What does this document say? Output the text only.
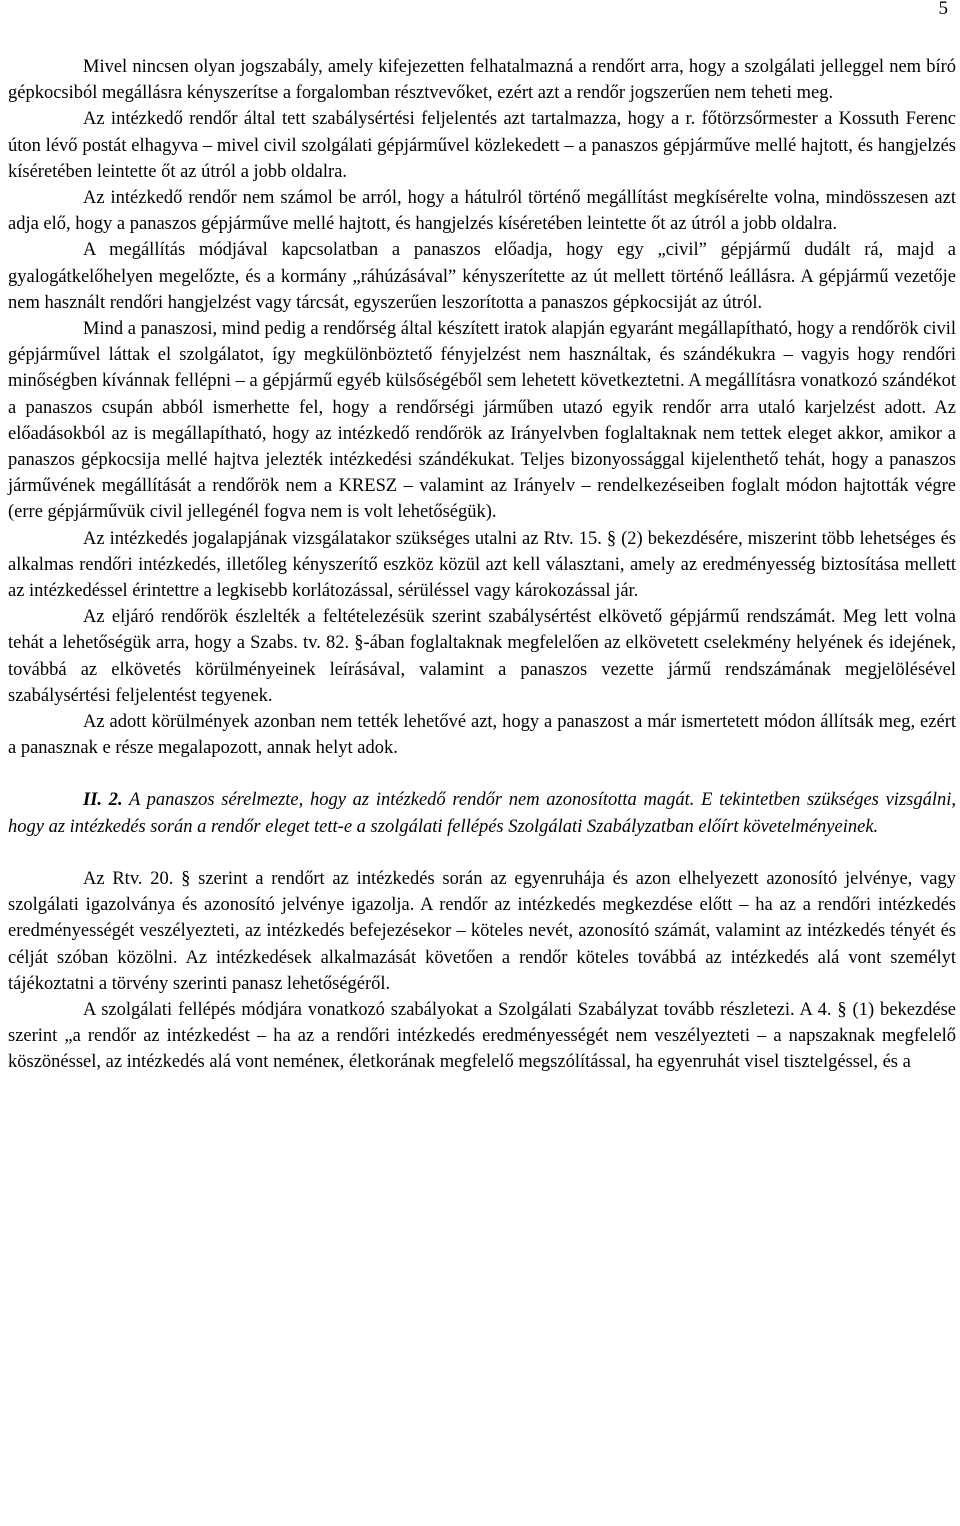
5

Mivel nincsen olyan jogszabály, amely kifejezetten felhatalmazná a rendőrt arra, hogy a szolgálati jelleggel nem bíró gépkocsiból megállásra kényszerítse a forgalomban résztvevőket, ezért azt a rendőr jogszerűen nem teheti meg.

Az intézkedő rendőr által tett szabálysértési feljelentés azt tartalmazza, hogy a r. főtörzsőrmester a Kossuth Ferenc úton lévő postát elhagyva – mivel civil szolgálati gépjárművel közlekedett – a panaszos gépjárműve mellé hajtott, és hangjelzés kíséretében leintette őt az útról a jobb oldalra.

Az intézkedő rendőr nem számol be arról, hogy a hátulról történő megállítást megkísérelte volna, mindösszesen azt adja elő, hogy a panaszos gépjárműve mellé hajtott, és hangjelzés kíséretében leintette őt az útról a jobb oldalra.

A megállítás módjával kapcsolatban a panaszos előadja, hogy egy „civil” gépjármű dudált rá, majd a gyalogátkelőhelyen megelőzte, és a kormány „ráhúzásával” kényszerítette az út mellett történő leállásra. A gépjármű vezetője nem használt rendőri hangjelzést vagy tárcsát, egyszerűen leszorította a panaszos gépkocsiját az útról.

Mind a panaszosi, mind pedig a rendőrség által készített iratok alapján egyaránt megállapítható, hogy a rendőrök civil gépjárművel láttak el szolgálatot, így megkülönböztető fényjelzést nem használtak, és szándékukra – vagyis hogy rendőri minőségben kívánnak fellépni – a gépjármű egyéb külsőségéből sem lehetett következtetni. A megállításra vonatkozó szándékot a panaszos csupán abból ismerhette fel, hogy a rendőrségi járműben utazó egyik rendőr arra utaló karjelzést adott. Az előadásokból az is megállapítható, hogy az intézkedő rendőrök az Irányelvben foglaltaknak nem tettek eleget akkor, amikor a panaszos gépkocsija mellé hajtva jelezték intézkedési szándékukat. Teljes bizonyossággal kijelenthető tehát, hogy a panaszos járművének megállítását a rendőrök nem a KRESZ – valamint az Irányelv – rendelkezéseiben foglalt módon hajtották végre (erre gépjárművük civil jellegénél fogva nem is volt lehetőségük).

Az intézkedés jogalapjának vizsgálatakor szükséges utalni az Rtv. 15. § (2) bekezdésére, miszerint több lehetséges és alkalmas rendőri intézkedés, illetőleg kényszerítő eszköz közül azt kell választani, amely az eredményesség biztosítása mellett az intézkedéssel érintettre a legkisebb korlátozással, sérüléssel vagy károkozással jár.

Az eljáró rendőrök észlelték a feltételezésük szerint szabálysértést elkövető gépjármű rendszámát. Meg lett volna tehát a lehetőségük arra, hogy a Szabs. tv. 82. §-ában foglaltaknak megfelelően az elkövetett cselekmény helyének és idejének, továbbá az elkövetés körülményeinek leírásával, valamint a panaszos vezette jármű rendszámának megjelölésével szabálysértési feljelentést tegyenek.

Az adott körülmények azonban nem tették lehetővé azt, hogy a panaszost a már ismertetett módon állítsák meg, ezért a panasznak e része megalapozott, annak helyt adok.

II. 2. A panaszos sérelmezte, hogy az intézkedő rendőr nem azonosította magát. E tekintetben szükséges vizsgálni, hogy az intézkedés során a rendőr eleget tett-e a szolgálati fellépés Szolgálati Szabályzatban előírt követelményeinek.

Az Rtv. 20. § szerint a rendőrt az intézkedés során az egyenruhája és azon elhelyezett azonosító jelvénye, vagy szolgálati igazolványa és azonosító jelvénye igazolja. A rendőr az intézkedés megkezdése előtt – ha az a rendőri intézkedés eredményességét veszélyezteti, az intézkedés befejezésekor – köteles nevét, azonosító számát, valamint az intézkedés tényét és célját szóban közölni. Az intézkedések alkalmazását követően a rendőr köteles továbbá az intézkedés alá vont személyt tájékoztatni a törvény szerinti panasz lehetőségéről.

A szolgálati fellépés módjára vonatkozó szabályokat a Szolgálati Szabályzat tovább részletezi. A 4. § (1) bekezdése szerint „a rendőr az intézkedést – ha az a rendőri intézkedés eredményességét nem veszélyezteti – a napszaknak megfelelő köszönéssel, az intézkedés alá vont neméneк, életkorának megfelelő megszólítással, ha egyenruhát visel tisztelgéssel, és a
